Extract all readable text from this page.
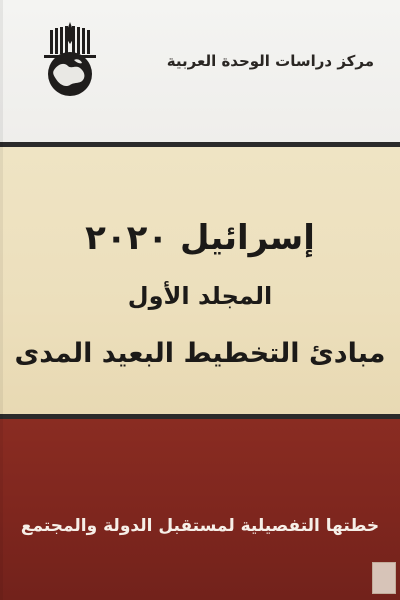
مركز دراسات الوحدة العربية
إسرائيل ٢٠٢٠
المجلد الأول
مبادئ التخطيط البعيد المدى
خطتها التفصيلية لمستقبل الدولة والمجتمع
